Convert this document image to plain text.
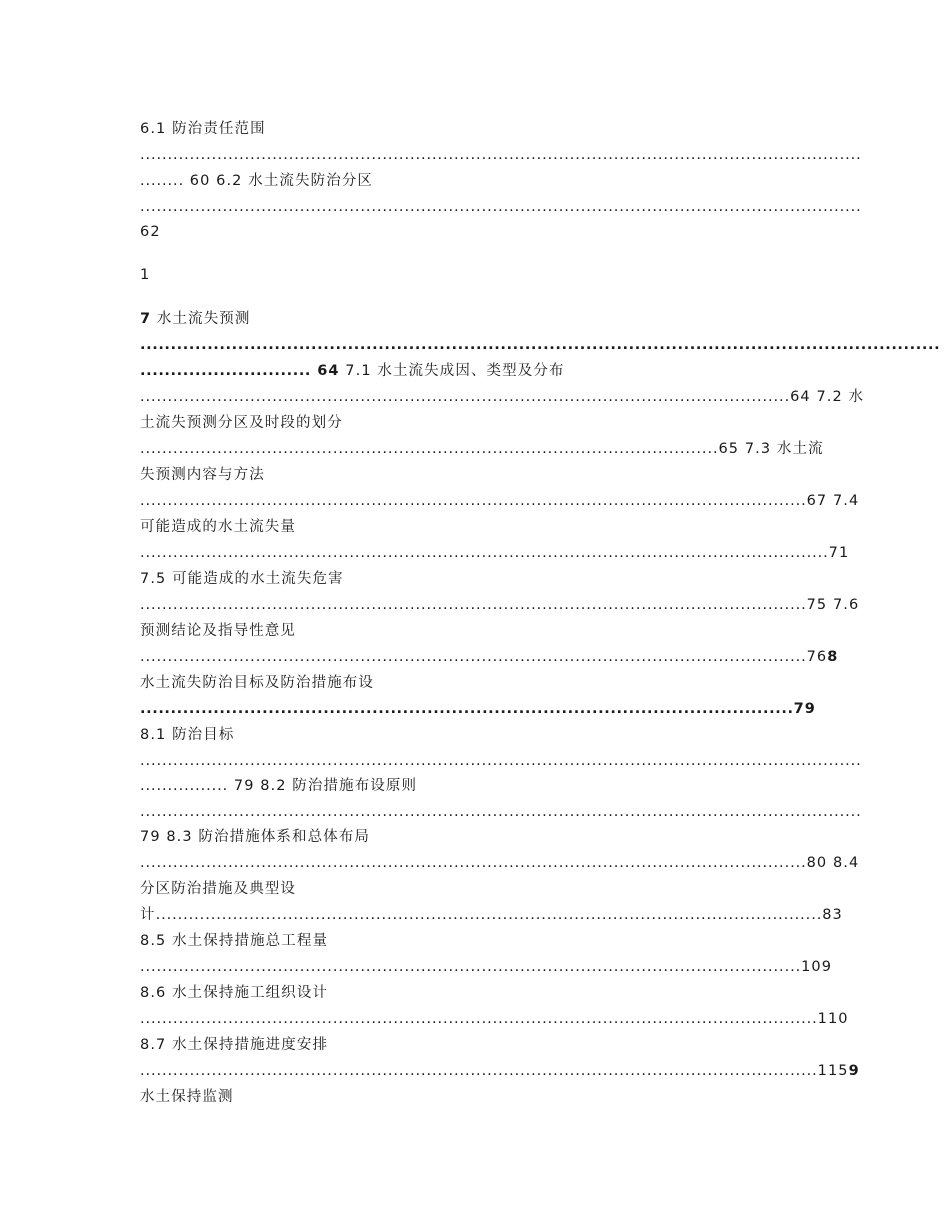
6.1 防治责任范围
...................................................................................................................................
........ 60 6.2 水土流失防治分区
...................................................................................................................................
62
1
7 水土流失预测
...................................................................................................................................
............................ 64 7.1 水土流失成因、类型及分布
...................................................................................................................... 64 7.2 水
土流失预测分区及时段的划分
......................................................................................................... 65 7.3 水土流
失预测内容与方法
......................................................................................................................... 67 7.4
可能造成的水土流失量
............................................................................................................................. 71
7.5 可能造成的水土流失危害
......................................................................................................................... 75 7.6
预测结论及指导性意见
......................................................................................................................... 76 8
水土流失防治目标及防治措施布设
........................................................................................................... 79
8.1 防治目标
...................................................................................................................................
................ 79 8.2 防治措施布设原则
...................................................................................................................................
79 8.3 防治措施体系和总体布局
......................................................................................................................... 80 8.4
分区防治措施及典型设
计 ......................................................................................................................... 83
8.5 水土保持措施总工程量
........................................................................................................................ 109
8.6 水土保持施工组织设计
........................................................................................................................... 110
8.7 水土保持措施进度安排
........................................................................................................................... 115 9
水土保持监测
